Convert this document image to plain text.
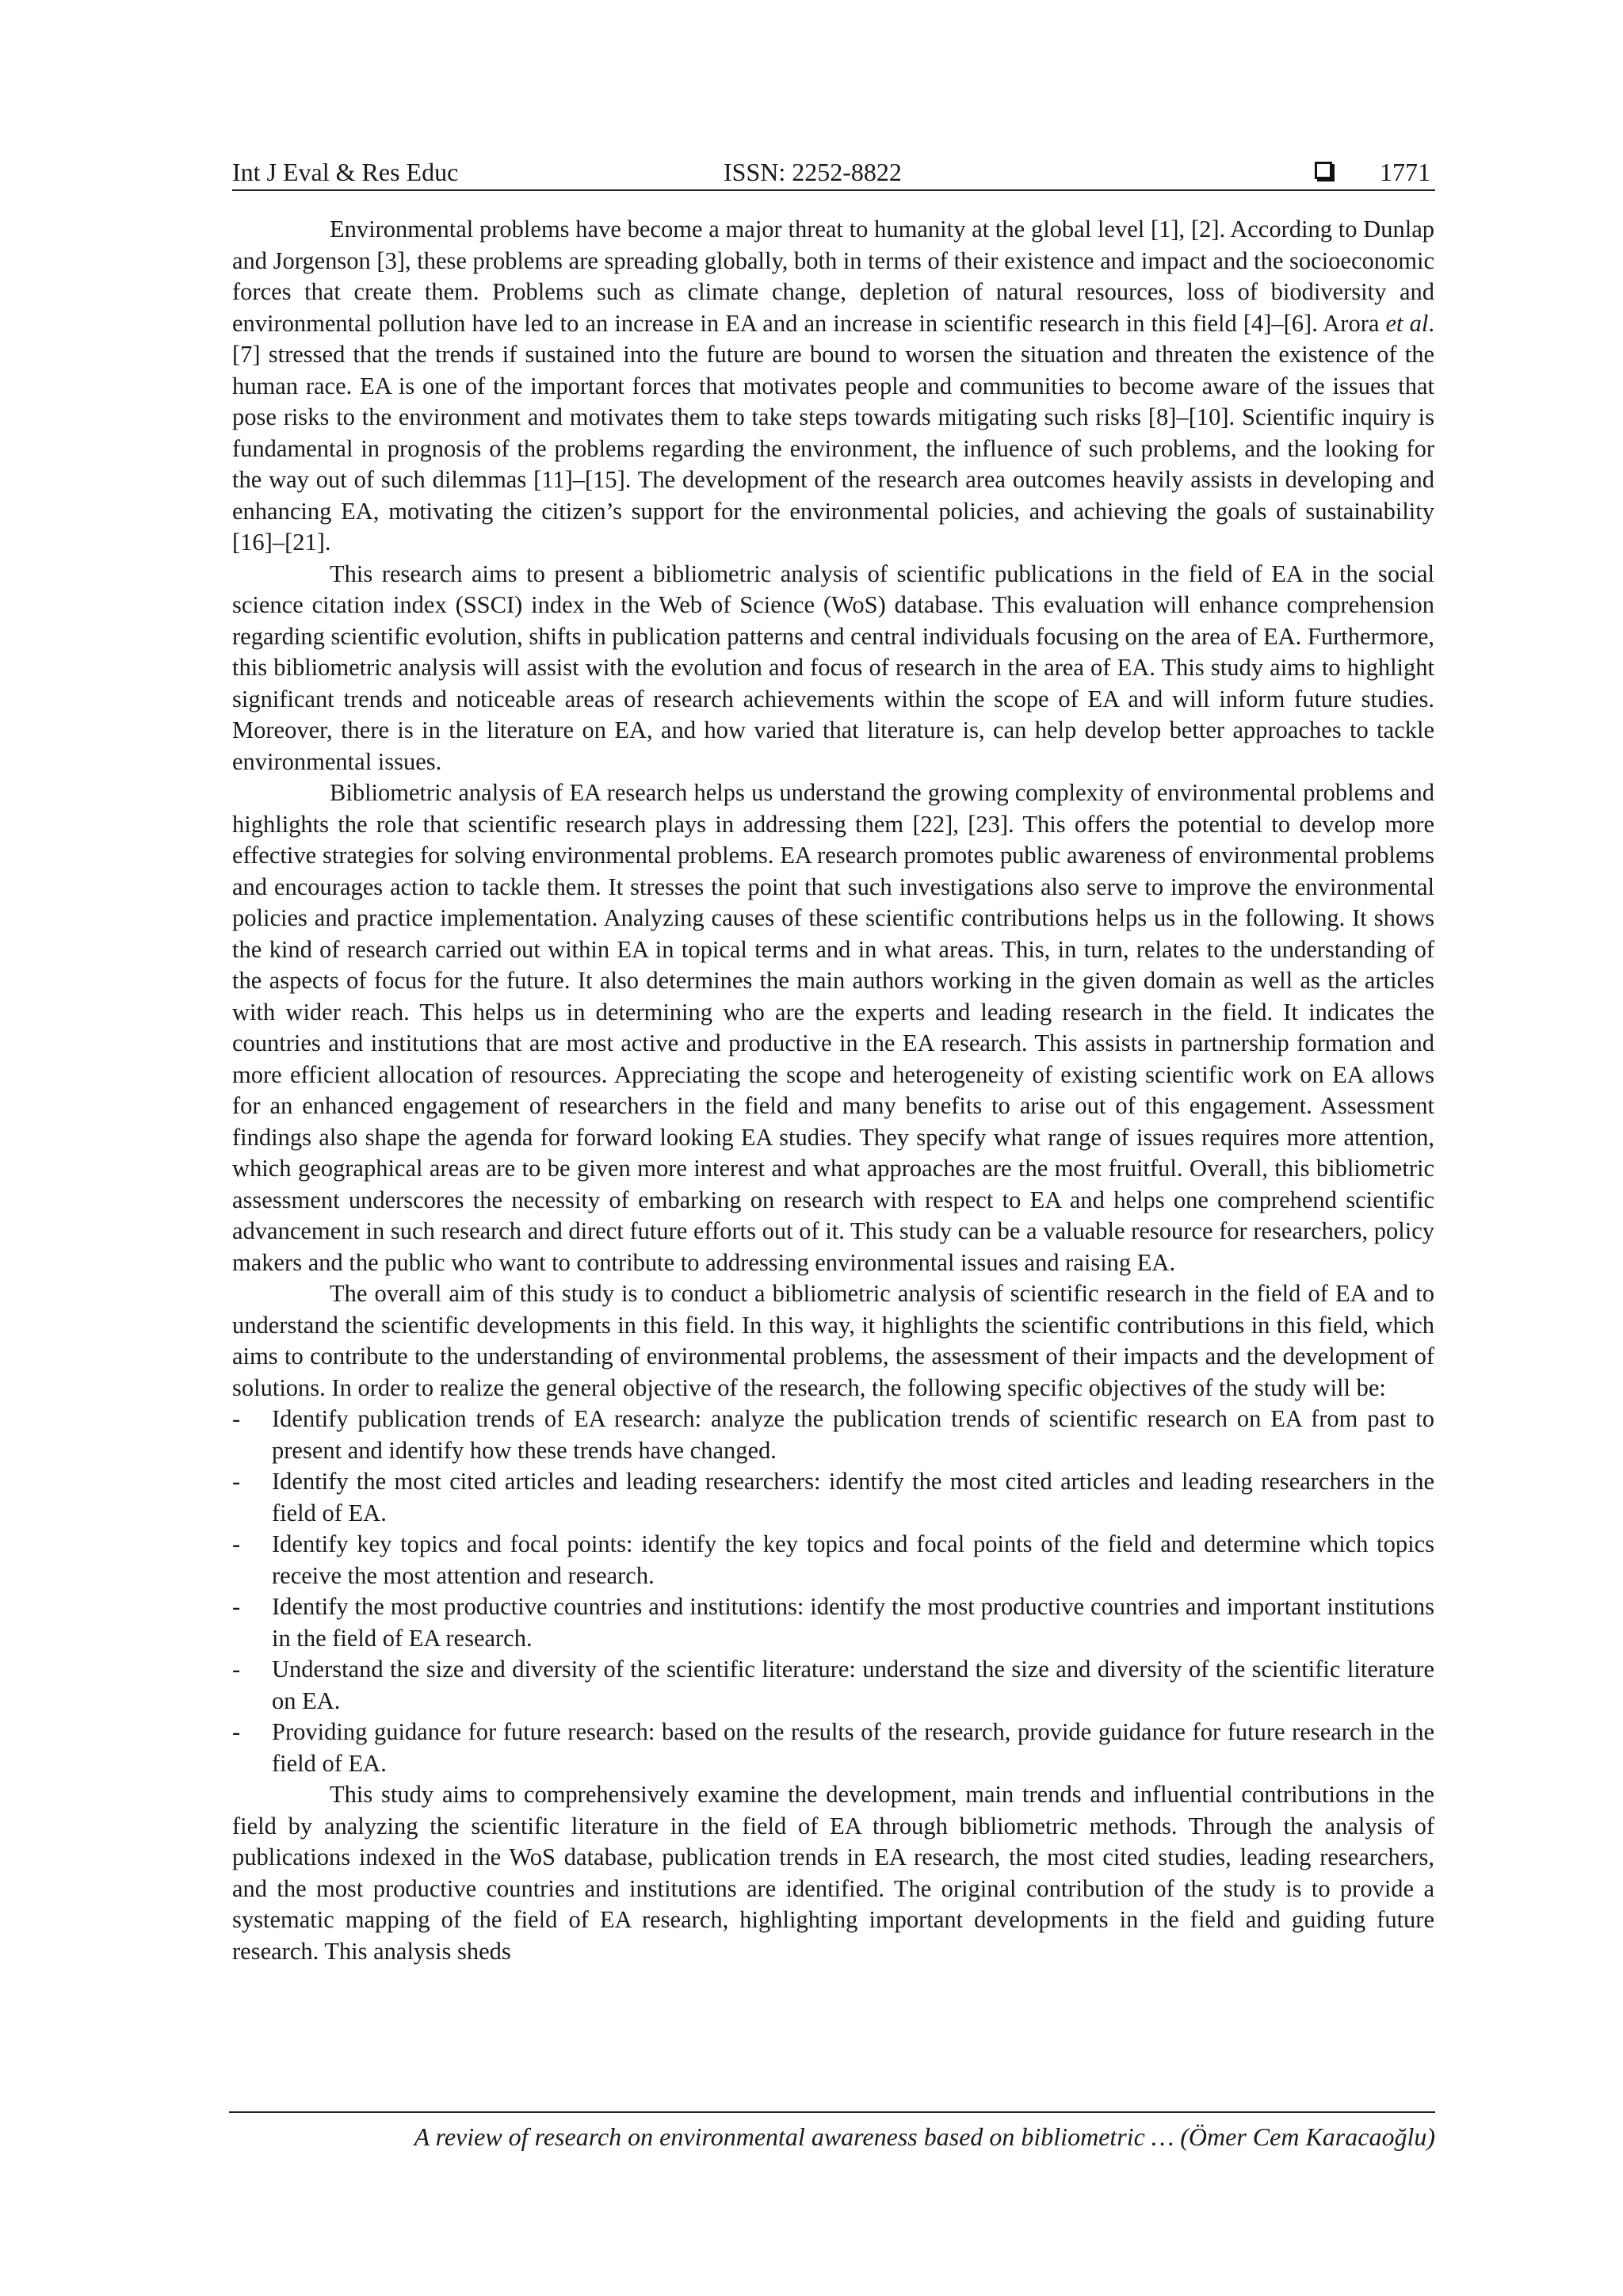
Int J Eval & Res Educ	ISSN: 2252-8822	1771

Environmental problems have become a major threat to humanity at the global level [1], [2]. According to Dunlap and Jorgenson [3], these problems are spreading globally, both in terms of their existence and impact and the socioeconomic forces that create them. Problems such as climate change, depletion of natural resources, loss of biodiversity and environmental pollution have led to an increase in EA and an increase in scientific research in this field [4]–[6]. Arora et al. [7] stressed that the trends if sustained into the future are bound to worsen the situation and threaten the existence of the human race. EA is one of the important forces that motivates people and communities to become aware of the issues that pose risks to the environment and motivates them to take steps towards mitigating such risks [8]–[10]. Scientific inquiry is fundamental in prognosis of the problems regarding the environment, the influence of such problems, and the looking for the way out of such dilemmas [11]–[15]. The development of the research area outcomes heavily assists in developing and enhancing EA, motivating the citizen’s support for the environmental policies, and achieving the goals of sustainability [16]–[21].

This research aims to present a bibliometric analysis of scientific publications in the field of EA in the social science citation index (SSCI) index in the Web of Science (WoS) database. This evaluation will enhance comprehension regarding scientific evolution, shifts in publication patterns and central individuals focusing on the area of EA. Furthermore, this bibliometric analysis will assist with the evolution and focus of research in the area of EA. This study aims to highlight significant trends and noticeable areas of research achievements within the scope of EA and will inform future studies. Moreover, there is in the literature on EA, and how varied that literature is, can help develop better approaches to tackle environmental issues.

Bibliometric analysis of EA research helps us understand the growing complexity of environmental problems and highlights the role that scientific research plays in addressing them [22], [23]. This offers the potential to develop more effective strategies for solving environmental problems. EA research promotes public awareness of environmental problems and encourages action to tackle them. It stresses the point that such investigations also serve to improve the environmental policies and practice implementation. Analyzing causes of these scientific contributions helps us in the following. It shows the kind of research carried out within EA in topical terms and in what areas. This, in turn, relates to the understanding of the aspects of focus for the future. It also determines the main authors working in the given domain as well as the articles with wider reach. This helps us in determining who are the experts and leading research in the field. It indicates the countries and institutions that are most active and productive in the EA research. This assists in partnership formation and more efficient allocation of resources. Appreciating the scope and heterogeneity of existing scientific work on EA allows for an enhanced engagement of researchers in the field and many benefits to arise out of this engagement. Assessment findings also shape the agenda for forward looking EA studies. They specify what range of issues requires more attention, which geographical areas are to be given more interest and what approaches are the most fruitful. Overall, this bibliometric assessment underscores the necessity of embarking on research with respect to EA and helps one comprehend scientific advancement in such research and direct future efforts out of it. This study can be a valuable resource for researchers, policy makers and the public who want to contribute to addressing environmental issues and raising EA.

The overall aim of this study is to conduct a bibliometric analysis of scientific research in the field of EA and to understand the scientific developments in this field. In this way, it highlights the scientific contributions in this field, which aims to contribute to the understanding of environmental problems, the assessment of their impacts and the development of solutions. In order to realize the general objective of the research, the following specific objectives of the study will be:

- Identify publication trends of EA research: analyze the publication trends of scientific research on EA from past to present and identify how these trends have changed.
- Identify the most cited articles and leading researchers: identify the most cited articles and leading researchers in the field of EA.
- Identify key topics and focal points: identify the key topics and focal points of the field and determine which topics receive the most attention and research.
- Identify the most productive countries and institutions: identify the most productive countries and important institutions in the field of EA research.
- Understand the size and diversity of the scientific literature: understand the size and diversity of the scientific literature on EA.
- Providing guidance for future research: based on the results of the research, provide guidance for future research in the field of EA.

This study aims to comprehensively examine the development, main trends and influential contributions in the field by analyzing the scientific literature in the field of EA through bibliometric methods. Through the analysis of publications indexed in the WoS database, publication trends in EA research, the most cited studies, leading researchers, and the most productive countries and institutions are identified. The original contribution of the study is to provide a systematic mapping of the field of EA research, highlighting important developments in the field and guiding future research. This analysis sheds

A review of research on environmental awareness based on bibliometric … (Ömer Cem Karacaoğlu)
